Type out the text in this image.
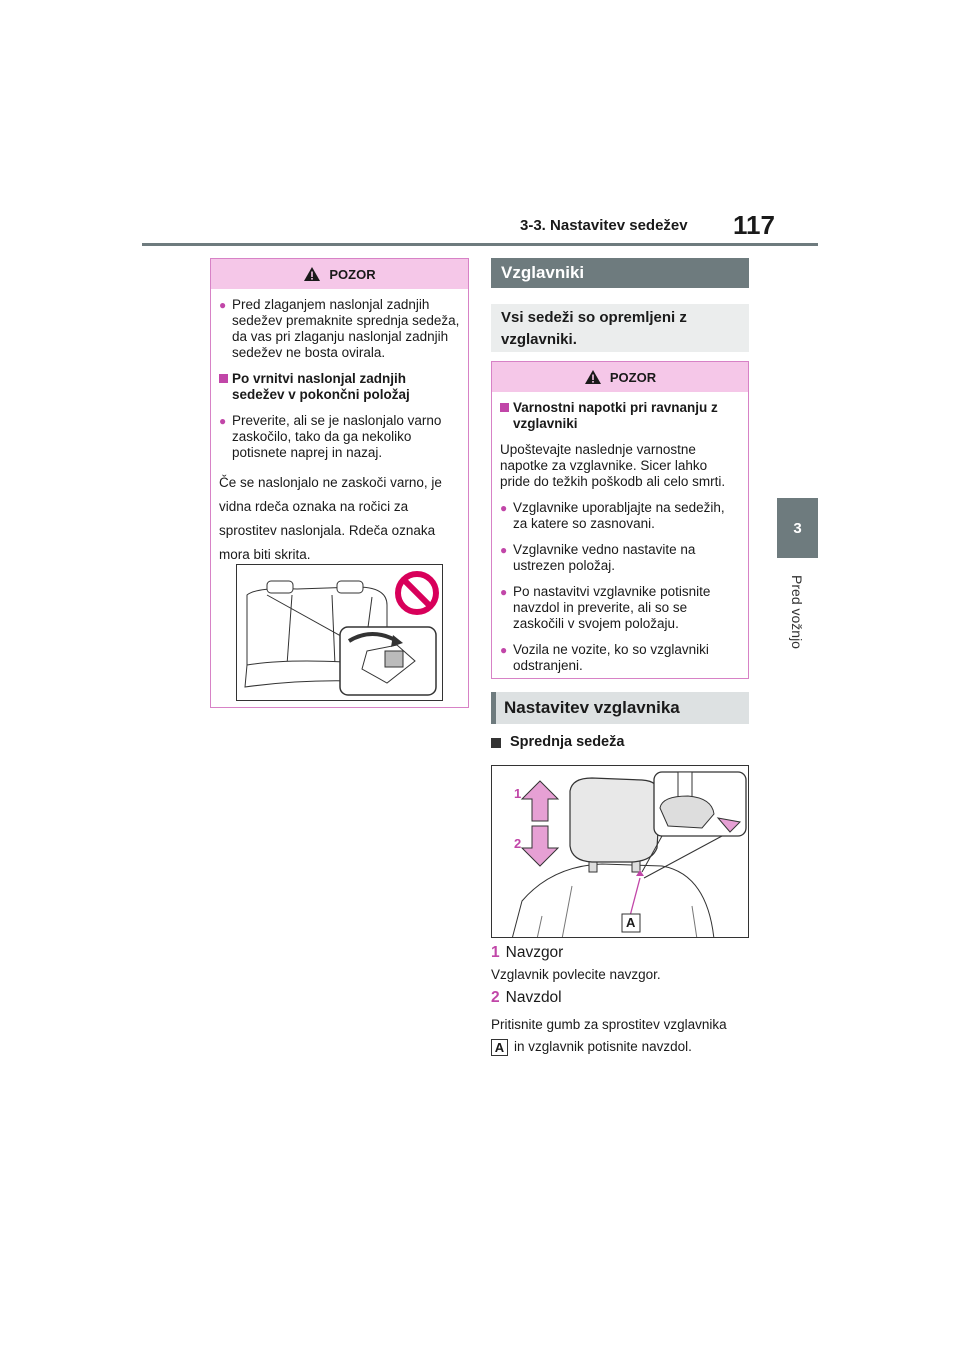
3-3. Nastavitev sedežev 117
3
Pred vožnjo
POZOR
● Pred zlaganjem naslonjal zadnjih sedežev premaknite sprednja sedeža, da vas pri zlaganju naslonjal zadnjih sedežev ne bosta ovirala.
Po vrnitvi naslonjal zadnjih sedežev v pokončni položaj
● Preverite, ali se je naslonjalo varno zaskočilo, tako da ga nekoliko potisnete naprej in nazaj.
Če se naslonjalo ne zaskoči varno, je vidna rdeča oznaka na ročici za sprostitev naslonjala. Rdeča oznaka mora biti skrita.
Vzglavniki
Vsi sedeži so opremljeni z vzglavniki.
POZOR
Varnostni napotki pri ravnanju z vzglavniki
Upoštevajte naslednje varnostne napotke za vzglavnike. Sicer lahko pride do težkih poškodb ali celo smrti.
● Vzglavnike uporabljajte na sedežih, za katere so zasnovani.
● Vzglavnike vedno nastavite na ustrezen položaj.
● Po nastavitvi vzglavnike potisnite navzdol in preverite, ali so se zaskočili v svojem položaju.
● Vozila ne vozite, ko so vzglavniki odstranjeni.
Nastavitev vzglavnika
Sprednja sedeža
1
2
A
1 Navzgor
Vzglavnik povlecite navzgor.
2 Navzdol
Pritisnite gumb za sprostitev vzglavnika
A in vzglavnik potisnite navzdol.
